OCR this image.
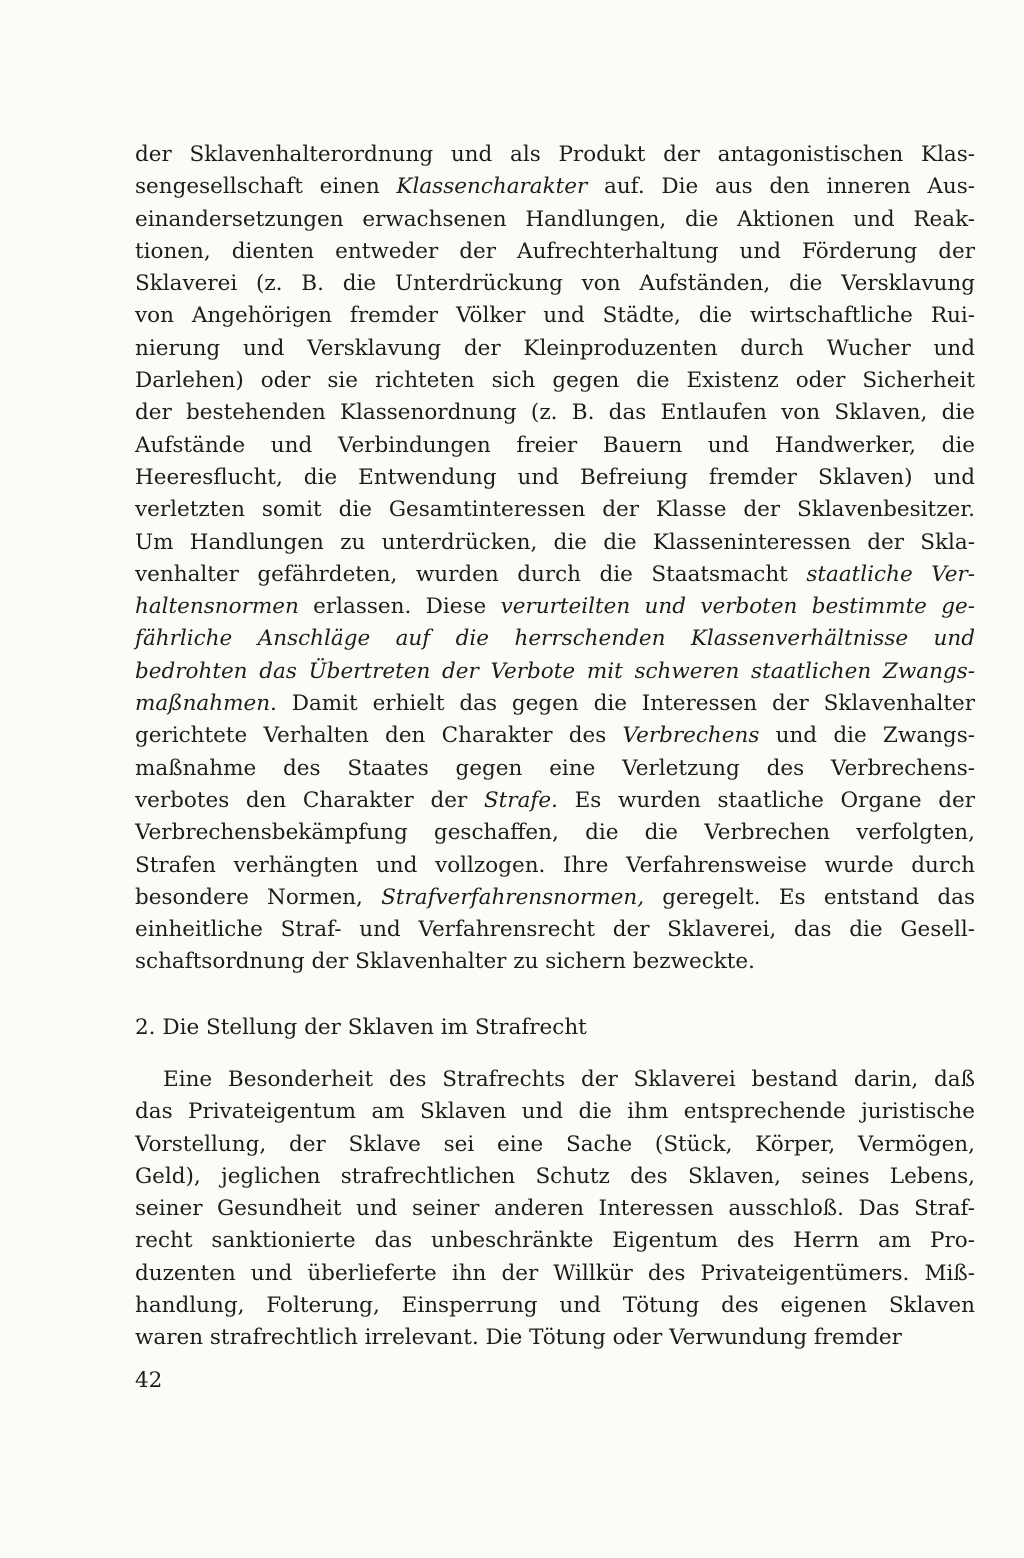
der Sklavenhalterordnung und als Produkt der antagonistischen Klas-
sengesellschaft einen Klassencharakter auf. Die aus den inneren Aus-
einandersetzungen erwachsenen Handlungen, die Aktionen und Reak-
tionen, dienten entweder der Aufrechterhaltung und Förderung der
Sklaverei (z. B. die Unterdrückung von Aufständen, die Versklavung
von Angehörigen fremder Völker und Städte, die wirtschaftliche Rui-
nierung und Versklavung der Kleinproduzenten durch Wucher und
Darlehen) oder sie richteten sich gegen die Existenz oder Sicherheit
der bestehenden Klassenordnung (z. B. das Entlaufen von Sklaven, die
Aufstände und Verbindungen freier Bauern und Handwerker, die
Heeresflucht, die Entwendung und Befreiung fremder Sklaven) und
verletzten somit die Gesamtinteressen der Klasse der Sklavenbesitzer.
Um Handlungen zu unterdrücken, die die Klasseninteressen der Skla-
venhalter gefährdeten, wurden durch die Staatsmacht staatliche Ver-
haltensnormen erlassen. Diese verurteilten und verboten bestimmte ge-
fährliche Anschläge auf die herrschenden Klassenverhältnisse und
bedrohten das Übertreten der Verbote mit schweren staatlichen Zwangs-
maßnahmen. Damit erhielt das gegen die Interessen der Sklavenhalter
gerichtete Verhalten den Charakter des Verbrechens und die Zwangs-
maßnahme des Staates gegen eine Verletzung des Verbrechens-
verbotes den Charakter der Strafe. Es wurden staatliche Organe der
Verbrechensbekämpfung geschaffen, die die Verbrechen verfolgten,
Strafen verhängten und vollzogen. Ihre Verfahrensweise wurde durch
besondere Normen, Strafverfahrensnormen, geregelt. Es entstand das
einheitliche Straf- und Verfahrensrecht der Sklaverei, das die Gesell-
schaftsordnung der Sklavenhalter zu sichern bezweckte.
2. Die Stellung der Sklaven im Strafrecht
Eine Besonderheit des Strafrechts der Sklaverei bestand darin, daß
das Privateigentum am Sklaven und die ihm entsprechende juristische
Vorstellung, der Sklave sei eine Sache (Stück, Körper, Vermögen,
Geld), jeglichen strafrechtlichen Schutz des Sklaven, seines Lebens,
seiner Gesundheit und seiner anderen Interessen ausschloß. Das Straf-
recht sanktionierte das unbeschränkte Eigentum des Herrn am Pro-
duzenten und überlieferte ihn der Willkür des Privateigentümers. Miß-
handlung, Folterung, Einsperrung und Tötung des eigenen Sklaven
waren strafrechtlich irrelevant. Die Tötung oder Verwundung fremder
42
